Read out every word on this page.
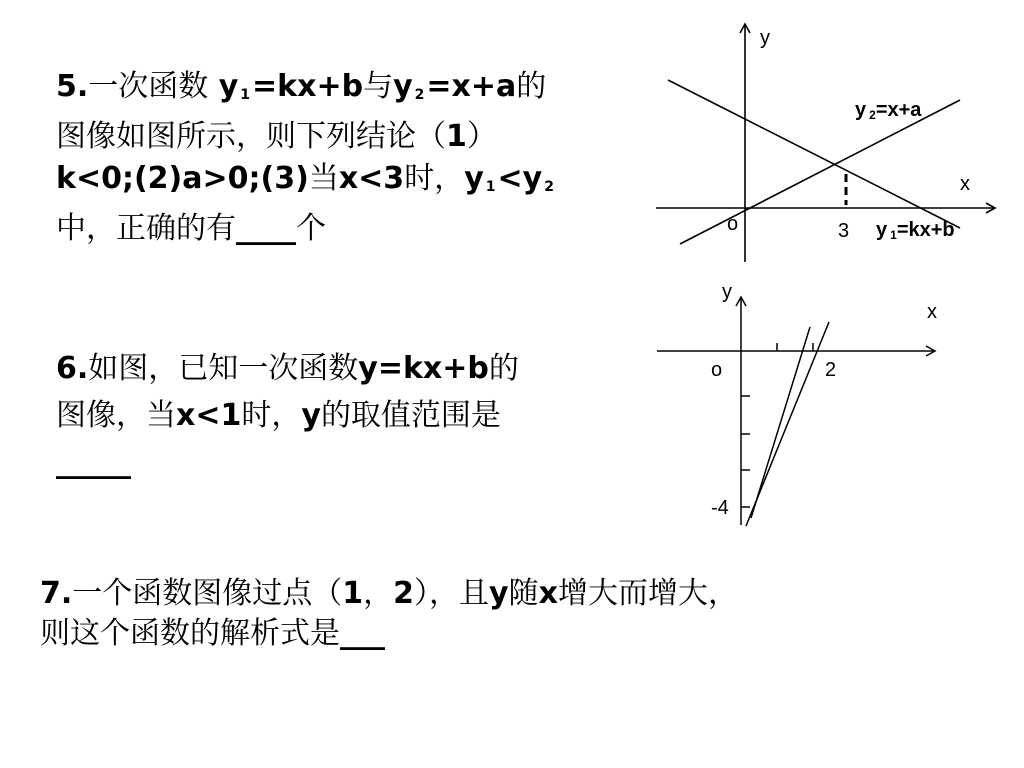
5.一次函数 y $_1$=kx+b与y $_2$=x+a的
图像如图所示，则下列结论（1）
k<0;(2)a>0;(3)当x<3时，y $_1$<y $_2$
中，正确的有____个
6.如图，已知一次函数y=kx+b的
图像，当x<1时，y的取值范围是
_____
7.一个函数图像过点（1，2），且y随x增大而增大，
则这个函数的解析式是___
y
x
o	3
y 2=x+a
y 1=kx+b
y
x
o	2
-4
